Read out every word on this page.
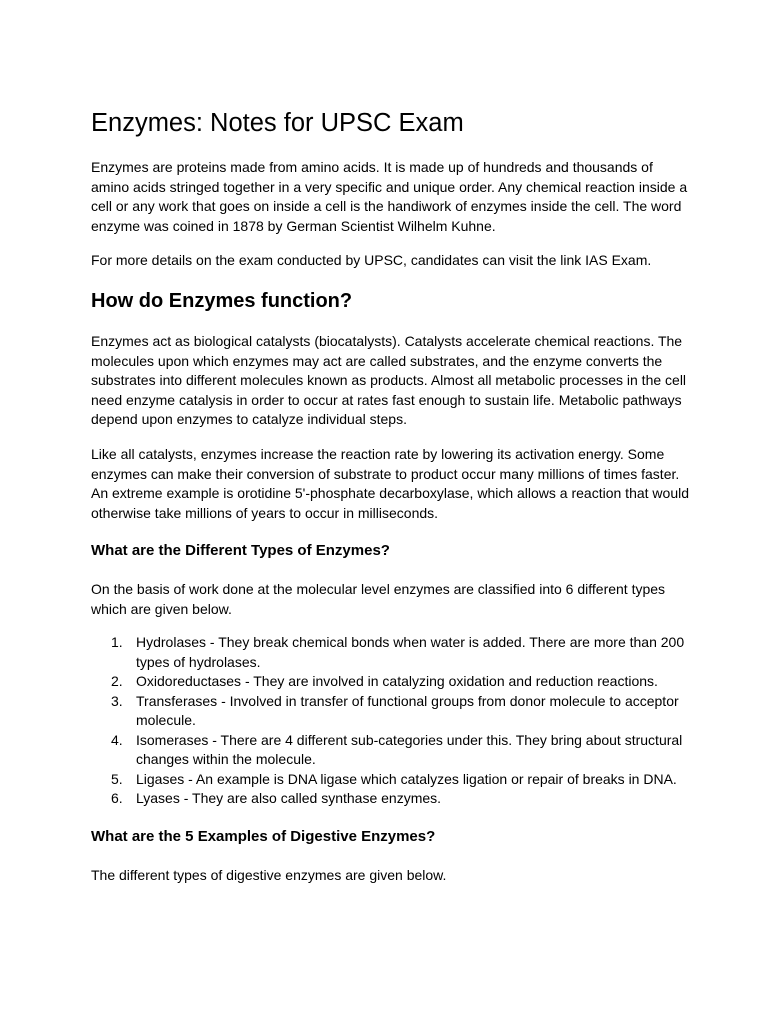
Enzymes: Notes for UPSC Exam

Enzymes are proteins made from amino acids. It is made up of hundreds and thousands of amino acids stringed together in a very specific and unique order. Any chemical reaction inside a cell or any work that goes on inside a cell is the handiwork of enzymes inside the cell. The word enzyme was coined in 1878 by German Scientist Wilhelm Kuhne.

For more details on the exam conducted by UPSC, candidates can visit the link IAS Exam.

How do Enzymes function?

Enzymes act as biological catalysts (biocatalysts). Catalysts accelerate chemical reactions. The molecules upon which enzymes may act are called substrates, and the enzyme converts the substrates into different molecules known as products. Almost all metabolic processes in the cell need enzyme catalysis in order to occur at rates fast enough to sustain life. Metabolic pathways depend upon enzymes to catalyze individual steps.

Like all catalysts, enzymes increase the reaction rate by lowering its activation energy. Some enzymes can make their conversion of substrate to product occur many millions of times faster. An extreme example is orotidine 5'-phosphate decarboxylase, which allows a reaction that would otherwise take millions of years to occur in milliseconds.

What are the Different Types of Enzymes?

On the basis of work done at the molecular level enzymes are classified into 6 different types which are given below.

1. Hydrolases - They break chemical bonds when water is added. There are more than 200 types of hydrolases.
2. Oxidoreductases - They are involved in catalyzing oxidation and reduction reactions.
3. Transferases - Involved in transfer of functional groups from donor molecule to acceptor molecule.
4. Isomerases - There are 4 different sub-categories under this. They bring about structural changes within the molecule.
5. Ligases - An example is DNA ligase which catalyzes ligation or repair of breaks in DNA.
6. Lyases - They are also called synthase enzymes.
What are the 5 Examples of Digestive Enzymes?

The different types of digestive enzymes are given below.
